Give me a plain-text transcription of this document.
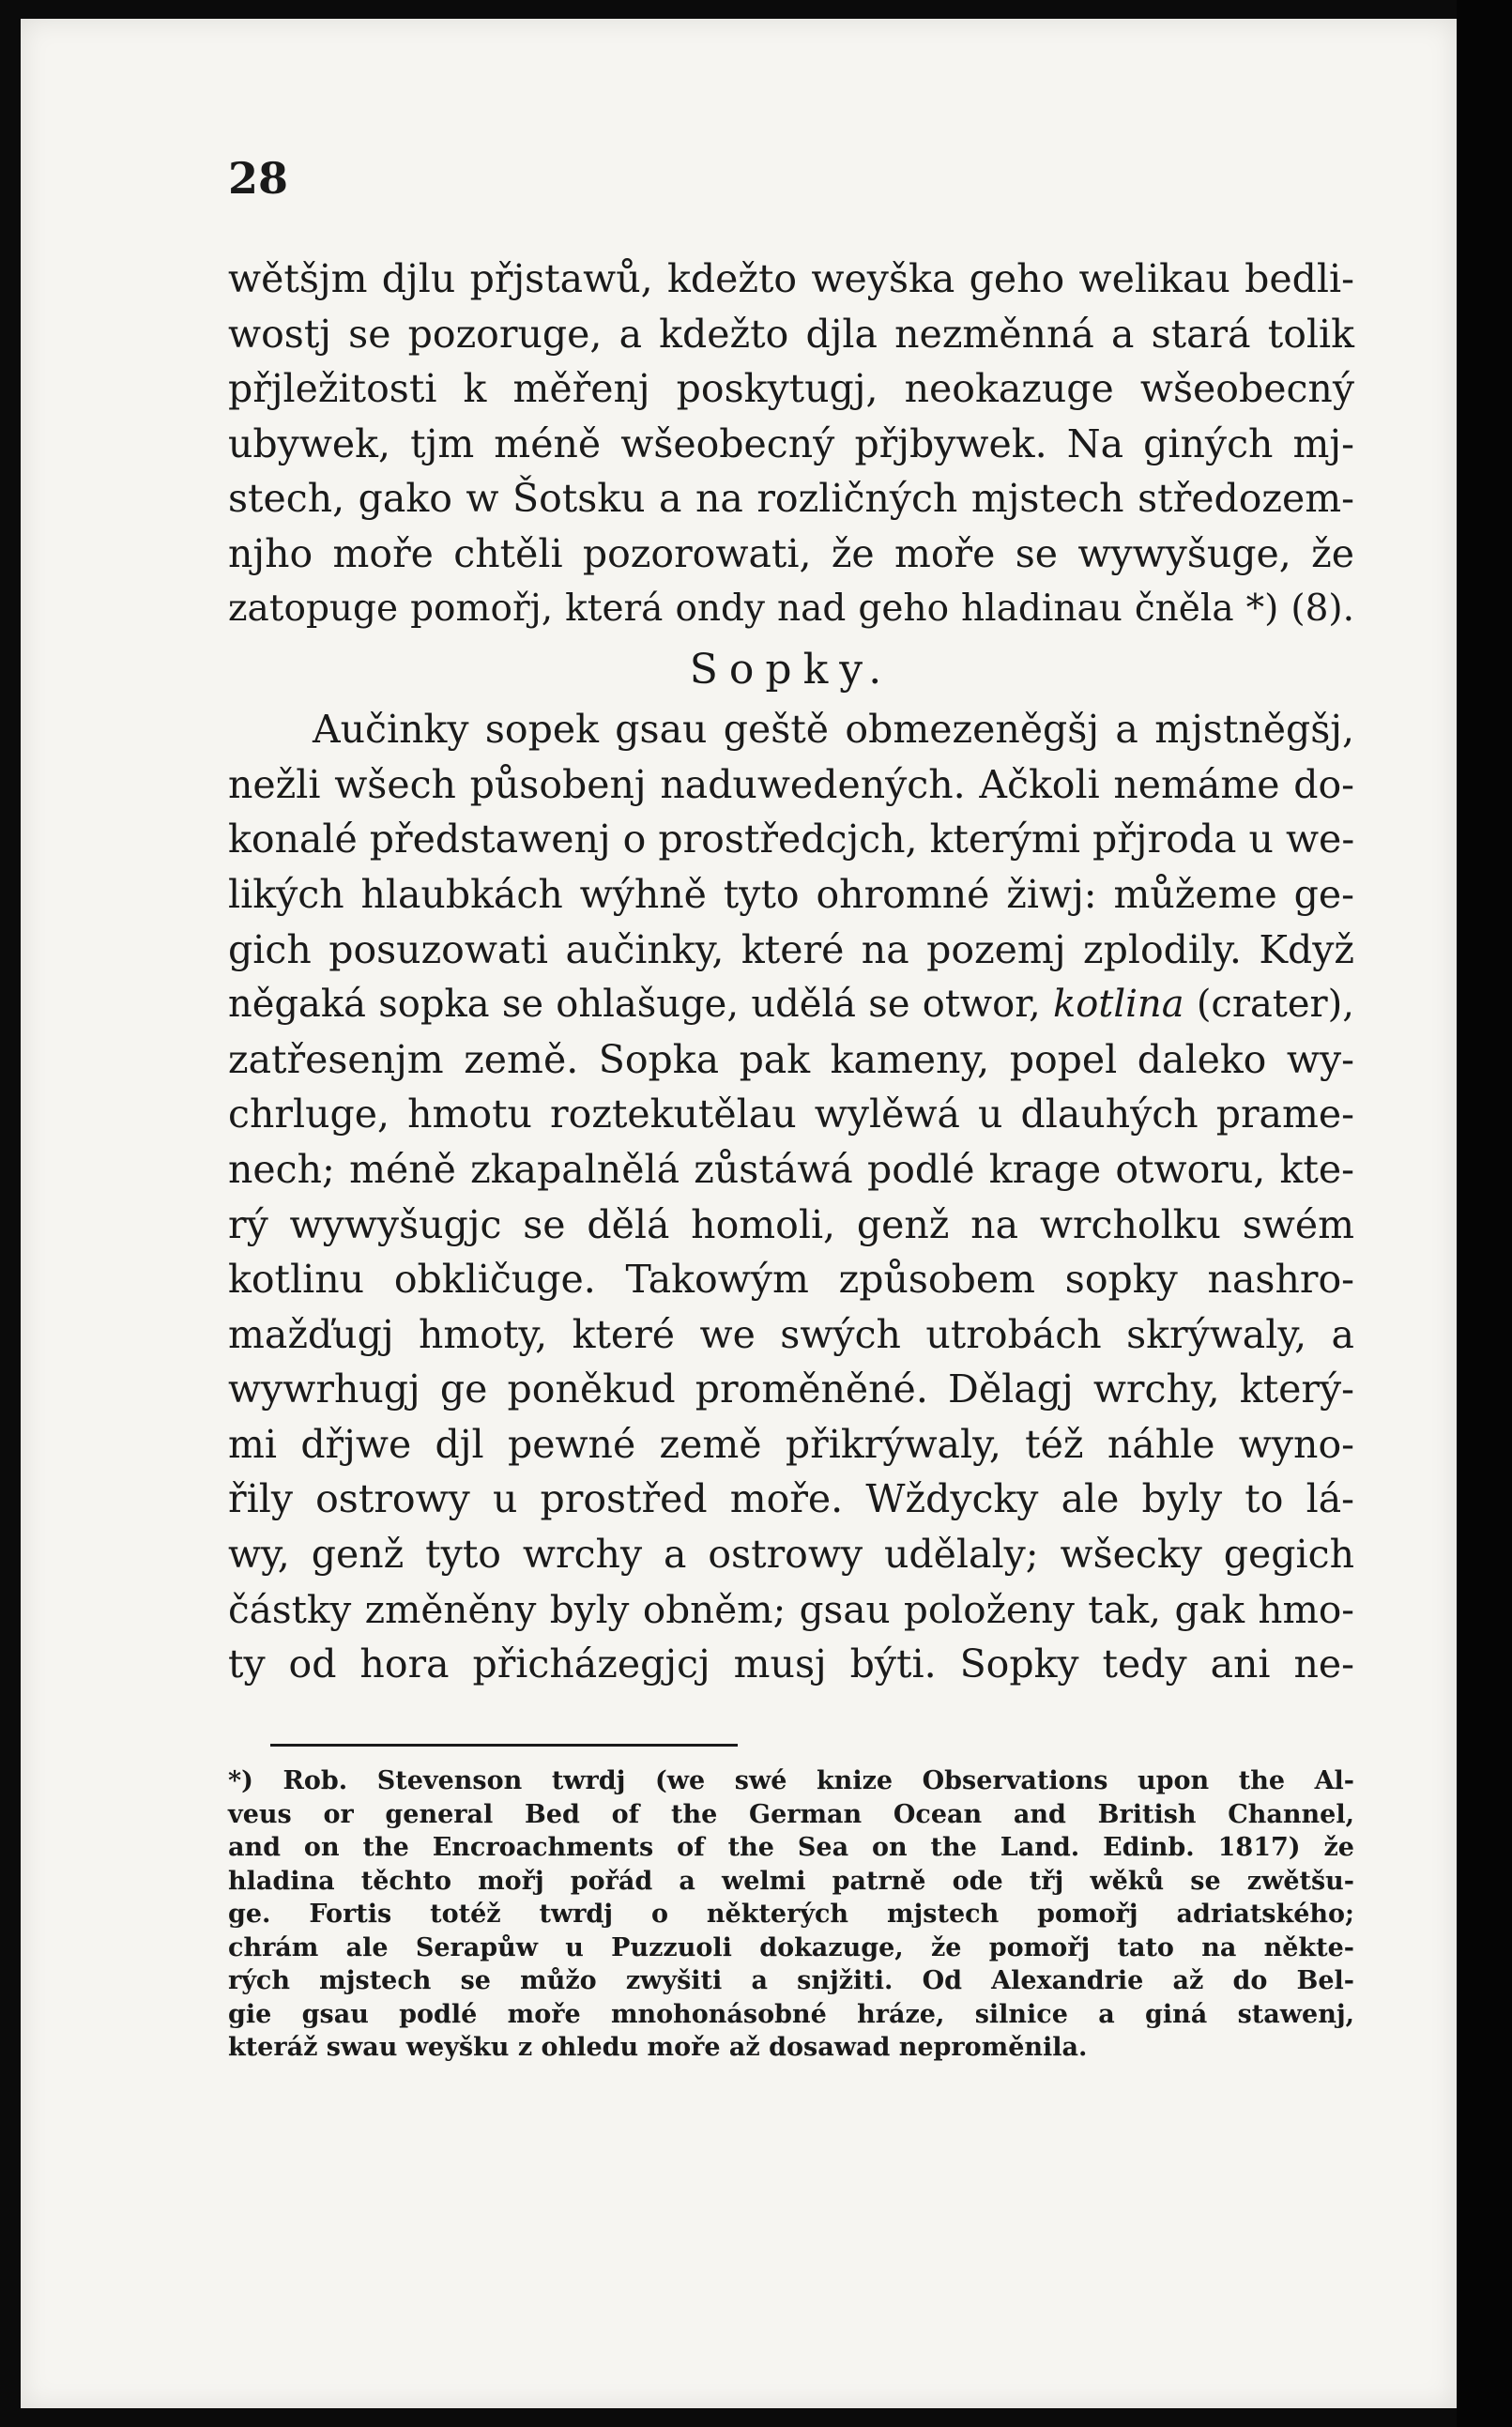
28

wětšjm djlu přjstawů, kdežto weyška geho welikau bedli-
wostj se pozoruge, a kdežto djla nezměnná a stará tolik
přjležitosti k měřenj poskytugj, neokazuge wšeobecný
ubywek, tjm méně wšeobecný přjbywek. Na giných mj-
stech, gako w Šotsku a na rozličných mjstech středozem-
njho moře chtěli pozorowati, že moře se wywyšuge, že
zatopuge pomořj, která ondy nad geho hladinau čněla *) (8).

Sopky.

Aučinky sopek gsau geště obmezeněgšj a mjstněgšj,
nežli wšech působenj naduwedených. Ačkoli nemáme do-
konalé předstawenj o prostředcjch, kterými přjroda u we-
likých hlaubkách wýhně tyto ohromné žiwj: můžeme ge-
gich posuzowati aučinky, které na pozemj zplodily. Když
něgaká sopka se ohlašuge, udělá se otwor, kotlina (crater),
zatřesenjm země. Sopka pak kameny, popel daleko wy-
chrluge, hmotu roztekutělau wylěwá u dlauhých prame-
nech; méně zkapalnělá zůstáwá podlé krage otworu, kte-
rý wywyšugjc se dělá homoli, genž na wrcholku swém
kotlinu obkličuge. Takowým způsobem sopky nashro-
mažďugj hmoty, které we swých utrobách skrýwaly, a
wywrhugj ge poněkud proměněné. Dělagj wrchy, který-
mi dřjwe djl pewné země přikrýwaly, též náhle wyno-
řily ostrowy u prostřed moře. Wždycky ale byly to lá-
wy, genž tyto wrchy a ostrowy udělaly; wšecky gegich
částky změněny byly obněm; gsau položeny tak, gak hmo-
ty od hora přicházegjcj musj býti. Sopky tedy ani ne-

*) Rob. Stevenson twrdj (we swé knize Observations upon the Al-
veus or general Bed of the German Ocean and British Channel,
and on the Encroachments of the Sea on the Land. Edinb. 1817) že
hladina těchto mořj pořád a welmi patrně ode třj wěků se zwětšu-
ge. Fortis totéž twrdj o některých mjstech pomořj adriatského;
chrám ale Serapůw u Puzzuoli dokazuge, že pomořj tato na někte-
rých mjstech se můžo zwyšiti a snjžiti. Od Alexandrie až do Bel-
gie gsau podlé moře mnohonásobné hráze, silnice a giná stawenj,
kteráž swau weyšku z ohledu moře až dosawad neproměnila.
